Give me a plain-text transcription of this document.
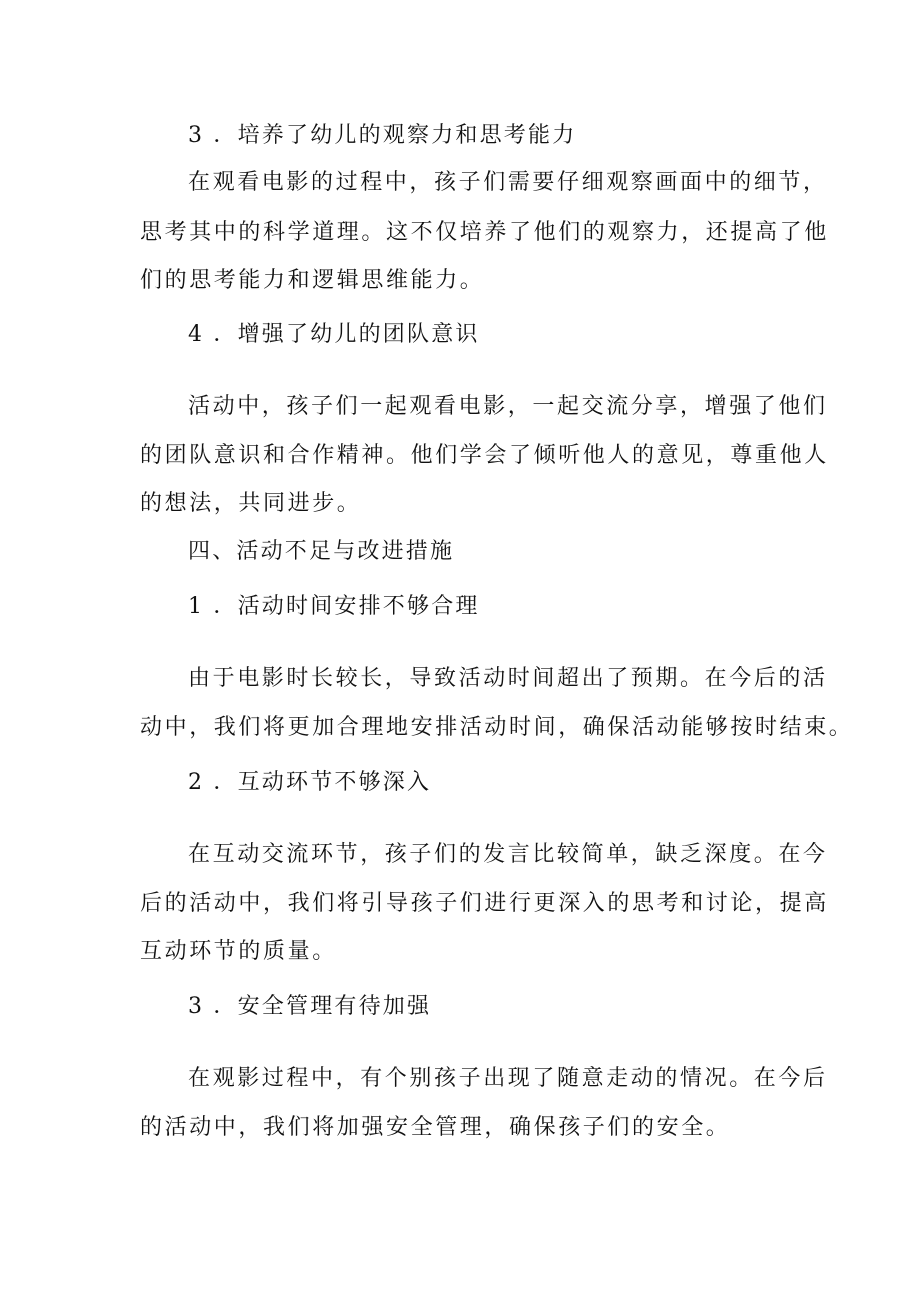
3 ．培养了幼儿的观察力和思考能力
在观看电影的过程中，孩子们需要仔细观察画面中的细节，
思考其中的科学道理。这不仅培养了他们的观察力，还提高了他
们的思考能力和逻辑思维能力。
4 ．增强了幼儿的团队意识
活动中，孩子们一起观看电影，一起交流分享，增强了他们
的团队意识和合作精神。他们学会了倾听他人的意见，尊重他人
的想法，共同进步。
四、活动不足与改进措施
1 ．活动时间安排不够合理
由于电影时长较长，导致活动时间超出了预期。在今后的活
动中，我们将更加合理地安排活动时间，确保活动能够按时结束。
2 ．互动环节不够深入
在互动交流环节，孩子们的发言比较简单，缺乏深度。在今
后的活动中，我们将引导孩子们进行更深入的思考和讨论，提高
互动环节的质量。
3 ．安全管理有待加强
在观影过程中，有个别孩子出现了随意走动的情况。在今后
的活动中，我们将加强安全管理，确保孩子们的安全。
